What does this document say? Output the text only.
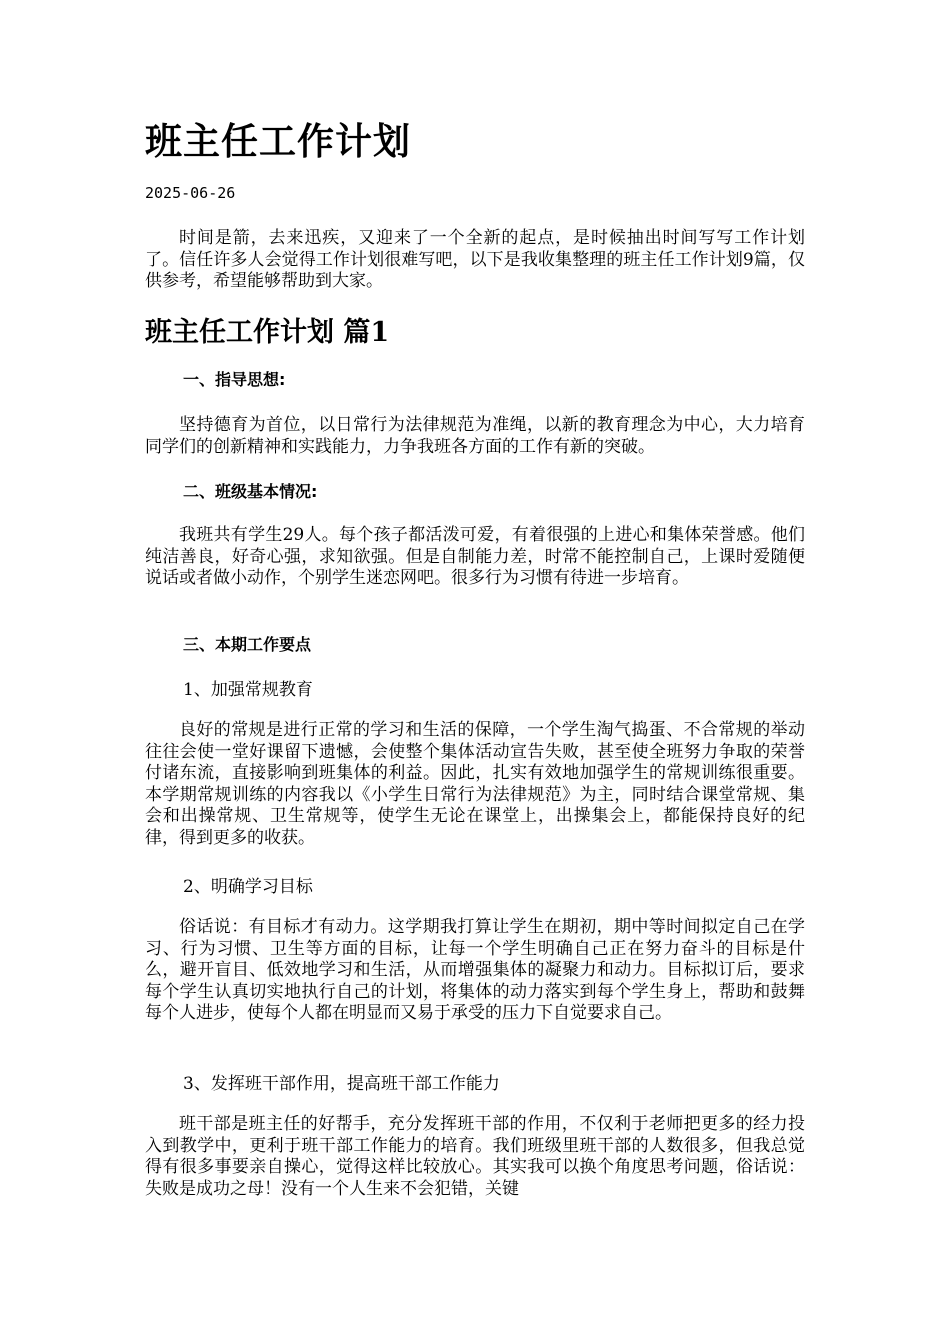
班主任工作计划
2025-06-26

时间是箭，去来迅疾，又迎来了一个全新的起点，是时候抽出时间写写工作计划了。信任许多人会觉得工作计划很难写吧，以下是我收集整理的班主任工作计划9篇，仅供参考，希望能够帮助到大家。

班主任工作计划 篇1
一、指导思想:

坚持德育为首位，以日常行为法律规范为准绳，以新的教育理念为中心，大力培育同学们的创新精神和实践能力，力争我班各方面的工作有新的突破。

二、班级基本情况:

我班共有学生29人。每个孩子都活泼可爱，有着很强的上进心和集体荣誉感。他们纯洁善良，好奇心强，求知欲强。但是自制能力差，时常不能控制自己，上课时爱随便说话或者做小动作，个别学生迷恋网吧。很多行为习惯有待进一步培育。

三、本期工作要点
1、加强常规教育

良好的常规是进行正常的学习和生活的保障，一个学生淘气捣蛋、不合常规的举动往往会使一堂好课留下遗憾，会使整个集体活动宣告失败，甚至使全班努力争取的荣誉付诸东流，直接影响到班集体的利益。因此，扎实有效地加强学生的常规训练很重要。本学期常规训练的内容我以《小学生日常行为法律规范》为主，同时结合课堂常规、集会和出操常规、卫生常规等，使学生无论在课堂上，出操集会上，都能保持良好的纪律，得到更多的收获。

2、明确学习目标

俗话说：有目标才有动力。这学期我打算让学生在期初，期中等时间拟定自己在学习、行为习惯、卫生等方面的目标，让每一个学生明确自己正在努力奋斗的目标是什么，避开盲目、低效地学习和生活，从而增强集体的凝聚力和动力。目标拟订后，要求每个学生认真切实地执行自己的计划，将集体的动力落实到每个学生身上，帮助和鼓舞每个人进步，使每个人都在明显而又易于承受的压力下自觉要求自己。

3、发挥班干部作用，提高班干部工作能力

班干部是班主任的好帮手，充分发挥班干部的作用，不仅利于老师把更多的经力投入到教学中，更利于班干部工作能力的培育。我们班级里班干部的人数很多，但我总觉得有很多事要亲自操心，觉得这样比较放心。其实我可以换个角度思考问题，俗话说：失败是成功之母！没有一个人生来不会犯错，关键
